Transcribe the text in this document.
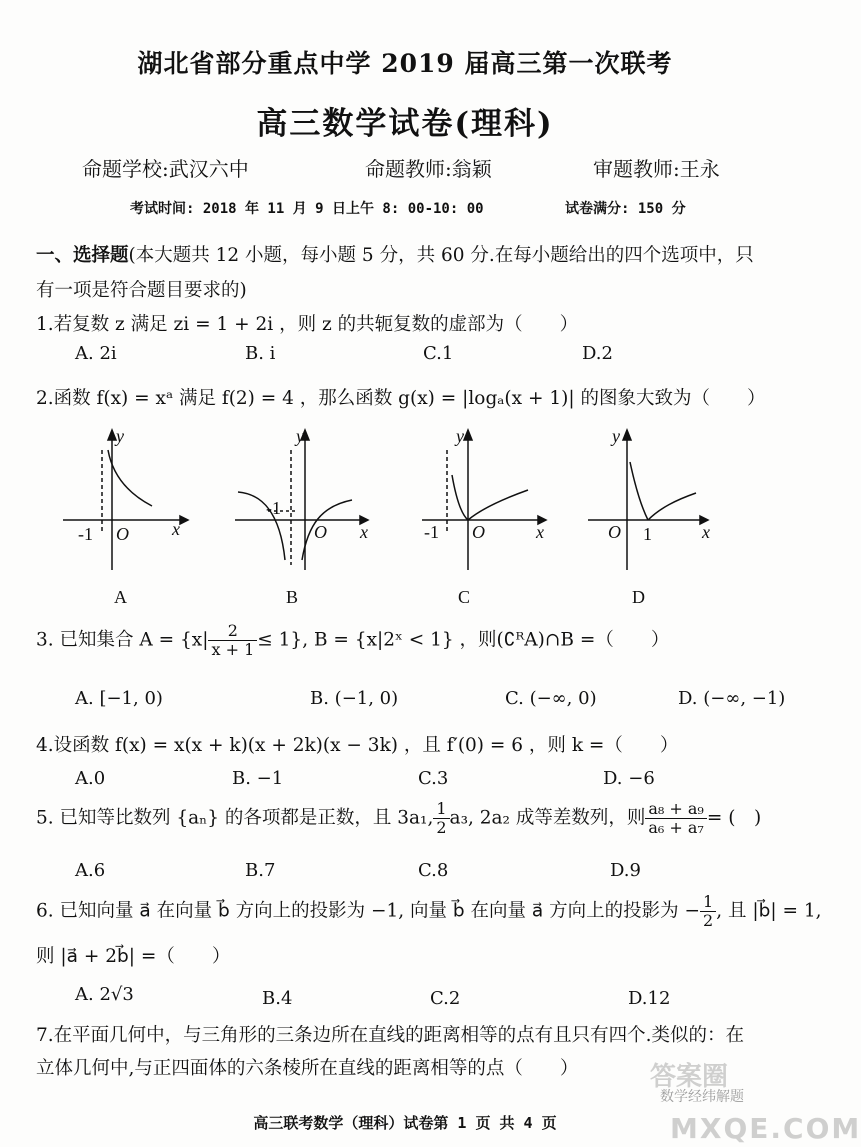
湖北省部分重点中学 2019 届高三第一次联考
高三数学试卷(理科)
命题学校:武汉六中	命题教师:翁颖	审题教师:王永
考试时间: 2018 年 11 月 9 日上午 8: 00-10: 00	试卷满分: 150 分
一、选择题(本大题共 12 小题，每小题 5 分，共 60 分.在每小题给出的四个选项中，只
有一项是符合题目要求的)
1.若复数 z 满足 zi = 1 + 2i ，则 z 的共轭复数的虚部为（　　）
A. 2i	B. i	C.1	D.2
2.函数 f(x) = xᵃ 满足 f(2) = 4 ，那么函数 g(x) = |logₐ(x + 1)| 的图象大致为（　　）
y
x
O
-1
y
x
O
-1
y
x
O
-1
y
x
O 1
A	B	C	D
3. 已知集合 $A = \{x| \frac{2}{x + 1} \le 1\}$, B = {x|2ˣ < 1} ，则(∁ᴿA)∩B =（　　）
A. [−1, 0)	B. (−1, 0)	C. (−∞, 0)	D. (−∞, −1)
4.设函数 f(x) = x(x + k)(x + 2k)(x − 3k) ，且 f′(0) = 6 ，则 k =（　　）
A.0	B. −1	C.3	D. −6
5. 已知等比数列 {aₙ} 的各项都是正数，且 3a₁, $\frac{1}{2} a_3$, 2a₂ 成等差数列，则 $\frac{\text{a₈ + a₉}}{\text{a₆ + a₇}}$ = (　)
A.6	B.7	C.8	D.9
6. 已知向量 a⃗ 在向量 b⃗ 方向上的投影为 −1, 向量 b⃗ 在向量 a⃗ 方向上的投影为 − $\frac{1}{2}$ , 且 |b⃗| = 1,
则 |a⃗ + 2b⃗| =（　　）
A. 2√3	B.4	C.2	D.12
7.在平面几何中，与三角形的三条边所在直线的距离相等的点有且只有四个.类似的：在
立体几何中,与正四面体的六条棱所在直线的距离相等的点（　　）	答案圈
数学经纬解题
MXQE.COM
高三联考数学（理科）试卷第 1 页 共 4 页
